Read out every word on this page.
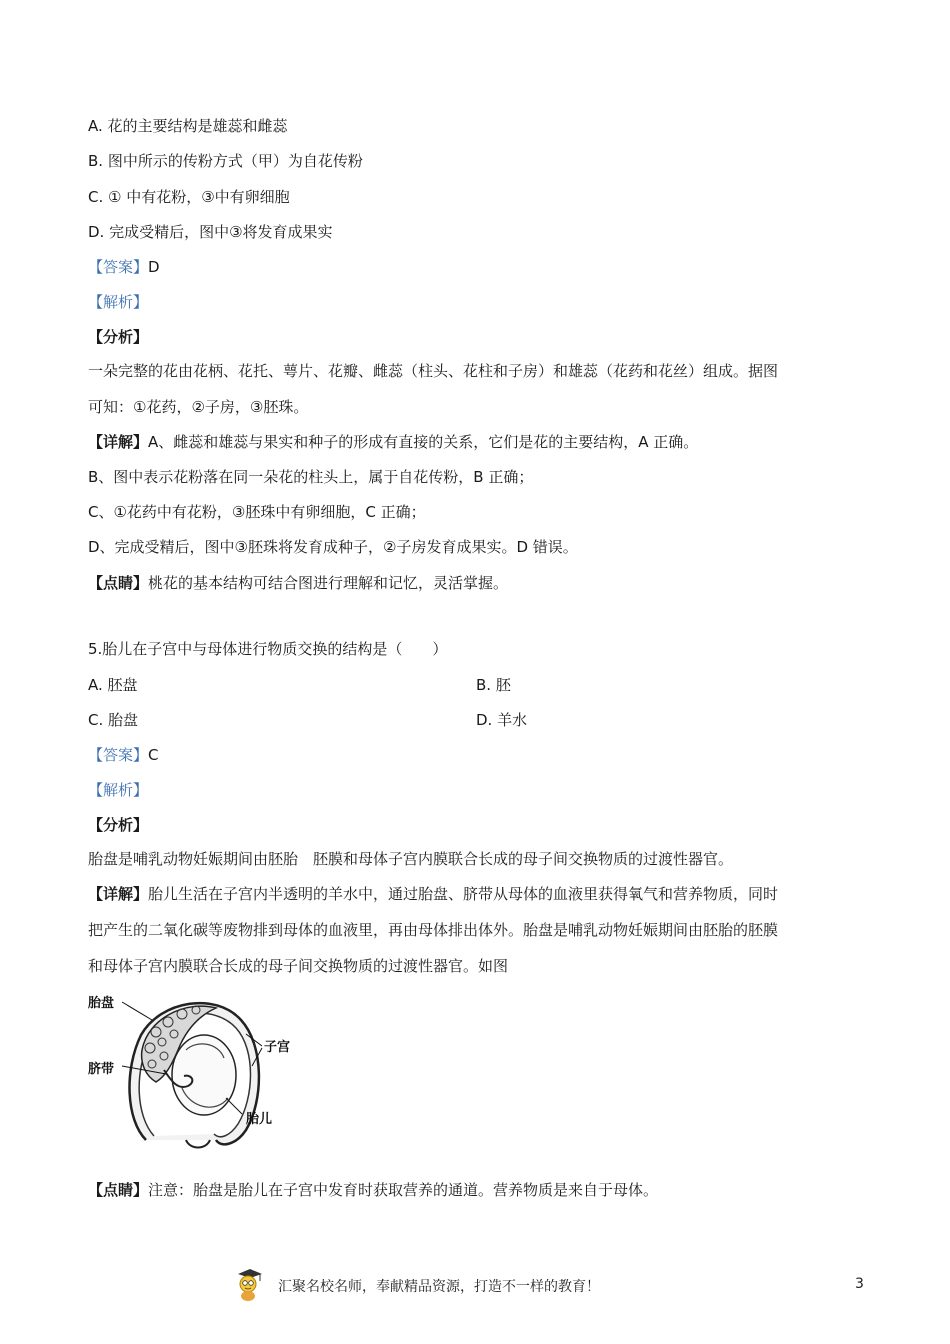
A. 花的主要结构是雄蕊和雌蕊
B. 图中所示的传粉方式（甲）为自花传粉
C. ① 中有花粉，③中有卵细胞
D. 完成受精后，图中③将发育成果实
【答案】D
【解析】
【分析】
一朵完整的花由花柄、花托、萼片、花瓣、雌蕊（柱头、花柱和子房）和雄蕊（花药和花丝）组成。据图
可知：①花药，②子房，③胚珠。
【详解】A、雌蕊和雄蕊与果实和种子的形成有直接的关系，它们是花的主要结构，A 正确。
B、图中表示花粉落在同一朵花的柱头上，属于自花传粉，B 正确；
C、①花药中有花粉，③胚珠中有卵细胞，C 正确；
D、完成受精后，图中③胚珠将发育成种子，②子房发育成果实。D 错误。
【点睛】桃花的基本结构可结合图进行理解和记忆，灵活掌握。
5.胎儿在子宫中与母体进行物质交换的结构是（　　）
A. 胚盘	B. 胚
C. 胎盘	D. 羊水
【答案】C
【解析】
【分析】
胎盘是哺乳动物妊娠期间由胚胎　胚膜和母体子宫内膜联合长成的母子间交换物质的过渡性器官。
【详解】胎儿生活在子宫内半透明的羊水中，通过胎盘、脐带从母体的血液里获得氧气和营养物质，同时
把产生的二氧化碳等废物排到母体的血液里，再由母体排出体外。胎盘是哺乳动物妊娠期间由胚胎的胚膜
和母体子宫内膜联合长成的母子间交换物质的过渡性器官。如图
胎盘
子宫
脐带
胎儿
【点睛】注意：胎盘是胎儿在子宫中发育时获取营养的通道。营养物质是来自于母体。
汇聚名校名师，奉献精品资源，打造不一样的教育！	3
